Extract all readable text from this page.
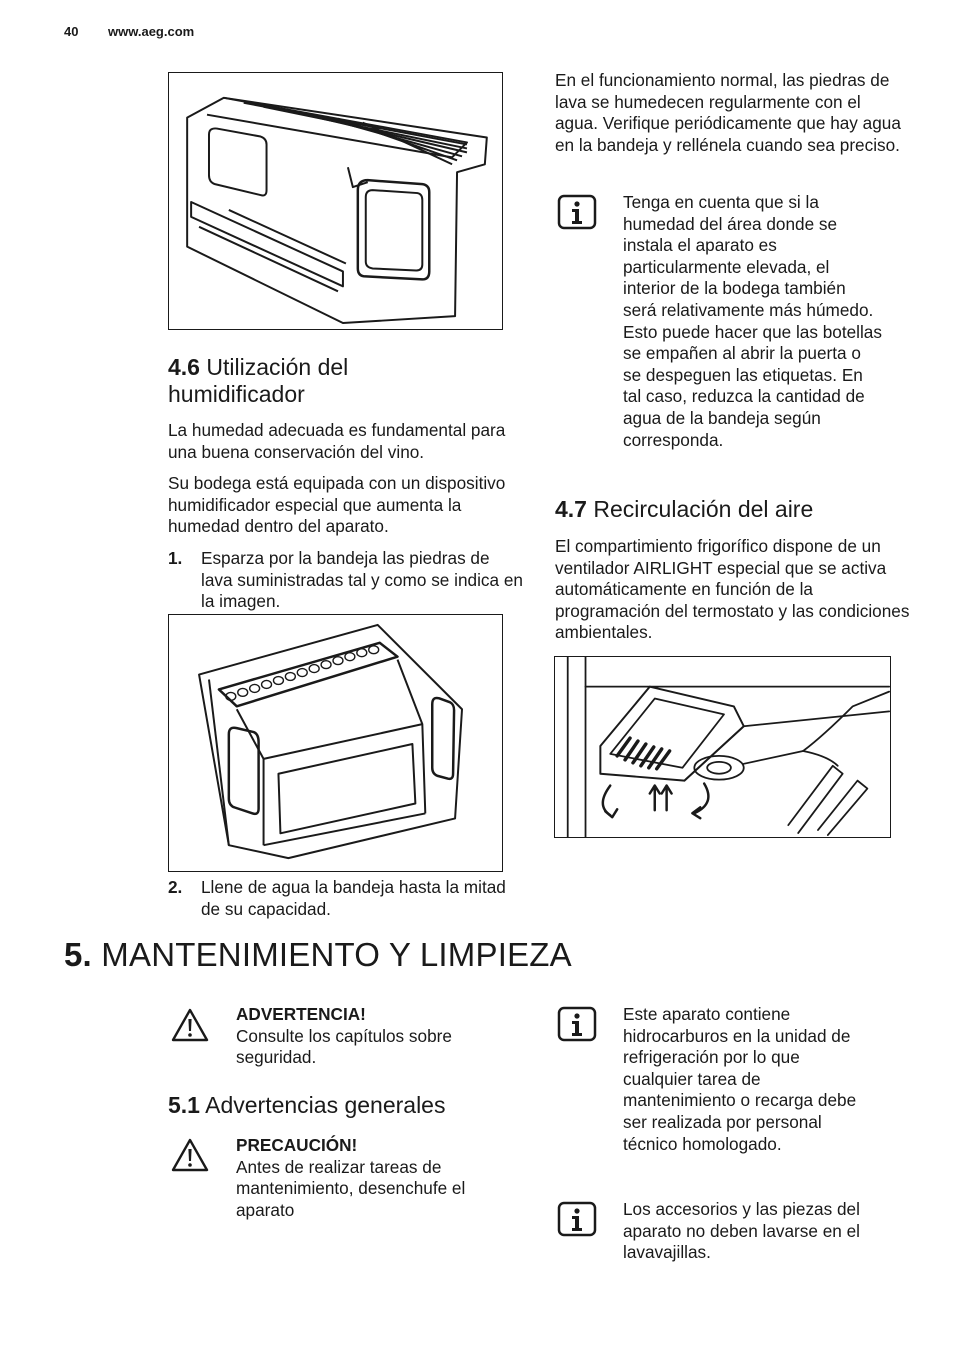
40 www.aeg.com
4.6 Utilización del
humidificador

La humedad adecuada es fundamental para una buena conservación del vino.

Su bodega está equipada con un dispositivo humidificador especial que aumenta la humedad dentro del aparato.

1. Esparza por la bandeja las piedras de lava suministradas tal y como se indica en la imagen.

2. Llene de agua la bandeja hasta la mitad de su capacidad.

En el funcionamiento normal, las piedras de lava se humedecen regularmente con el agua. Verifique periódicamente que hay agua en la bandeja y rellénela cuando sea preciso.

Tenga en cuenta que si la humedad del área donde se instala el aparato es particularmente elevada, el interior de la bodega también será relativamente más húmedo. Esto puede hacer que las botellas se empañen al abrir la puerta o se despeguen las etiquetas. En tal caso, reduzca la cantidad de agua de la bandeja según corresponda.

4.7 Recirculación del aire

El compartimiento frigorífico dispone de un ventilador AIRLIGHT especial que se activa automáticamente en función de la programación del termostato y las condiciones ambientales.

5. MANTENIMIENTO Y LIMPIEZA

ADVERTENCIA!

Consulte los capítulos sobre seguridad.

5.1 Advertencias generales

PRECAUCIÓN!

Antes de realizar tareas de mantenimiento, desenchufe el aparato

Este aparato contiene hidrocarburos en la unidad de refrigeración por lo que cualquier tarea de mantenimiento o recarga debe ser realizada por personal técnico homologado.

Los accesorios y las piezas del aparato no deben lavarse en el lavavajillas.
